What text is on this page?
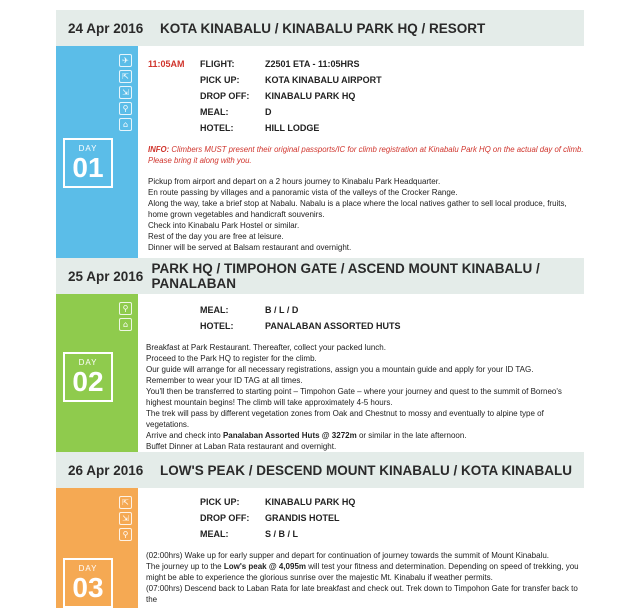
24 Apr 2016	KOTA KINABALU / KINABALU PARK HQ / RESORT
✈
⇱
⇲
⚲
⌂
DAY
01
11:05AM	FLIGHT:	Z2501 ETA - 11:05HRS
PICK UP:	KOTA KINABALU AIRPORT
DROP OFF:	KINABALU PARK HQ
MEAL:	D
HOTEL:	HILL LODGE
INFO: Climbers MUST present their original passports/IC for climb registration at Kinabalu Park HQ on the actual day of climb. Please bring it along with you.

Pickup from airport and depart on a 2 hours journey to Kinabalu Park Headquarter.

En route passing by villages and a panoramic vista of the valleys of the Crocker Range.

Along the way, take a brief stop at Nabalu. Nabalu is a place where the local natives gather to sell local produce, fruits, home grown vegetables and handicraft souvenirs.

Check into Kinabalu Park Hostel or similar.

Rest of the day you are free at leisure.

Dinner will be served at Balsam restaurant and overnight.

25 Apr 2016 PARK HQ / TIMPOHON GATE / ASCEND MOUNT KINABALU / PANALABAN
⚲
⌂
DAY
02
MEAL:	B / L / D
HOTEL:	PANALABAN ASSORTED HUTS

Breakfast at Park Restaurant. Thereafter, collect your packed lunch.

Proceed to the Park HQ to register for the climb.

Our guide will arrange for all necessary registrations, assign you a mountain guide and apply for your ID TAG.

Remember to wear your ID TAG at all times.

You'll then be transferred to starting point – Timpohon Gate – where your journey and quest to the summit of Borneo's highest mountain begins! The climb will take approximately 4-5 hours.

The trek will pass by different vegetation zones from Oak and Chestnut to mossy and eventually to alpine type of vegetations.

Arrive and check into Panalaban Assorted Huts @ 3272m or similar in the late afternoon.

Buffet Dinner at Laban Rata restaurant and overnight.

26 Apr 2016	LOW'S PEAK / DESCEND MOUNT KINABALU / KOTA KINABALU
⇱
⇲
⚲
DAY
03
PICK UP:	KINABALU PARK HQ
DROP OFF:	GRANDIS HOTEL
MEAL:	S / B / L

(02:00hrs) Wake up for early supper and depart for continuation of journey towards the summit of Mount Kinabalu.

The journey up to the Low's peak @ 4,095m will test your fitness and determination. Depending on speed of trekking, you might be able to experience the glorious sunrise over the majestic Mt. Kinabalu if weather permits.

(07:00hrs) Descend back to Laban Rata for late breakfast and check out. Trek down to Timpohon Gate for transfer back to the
